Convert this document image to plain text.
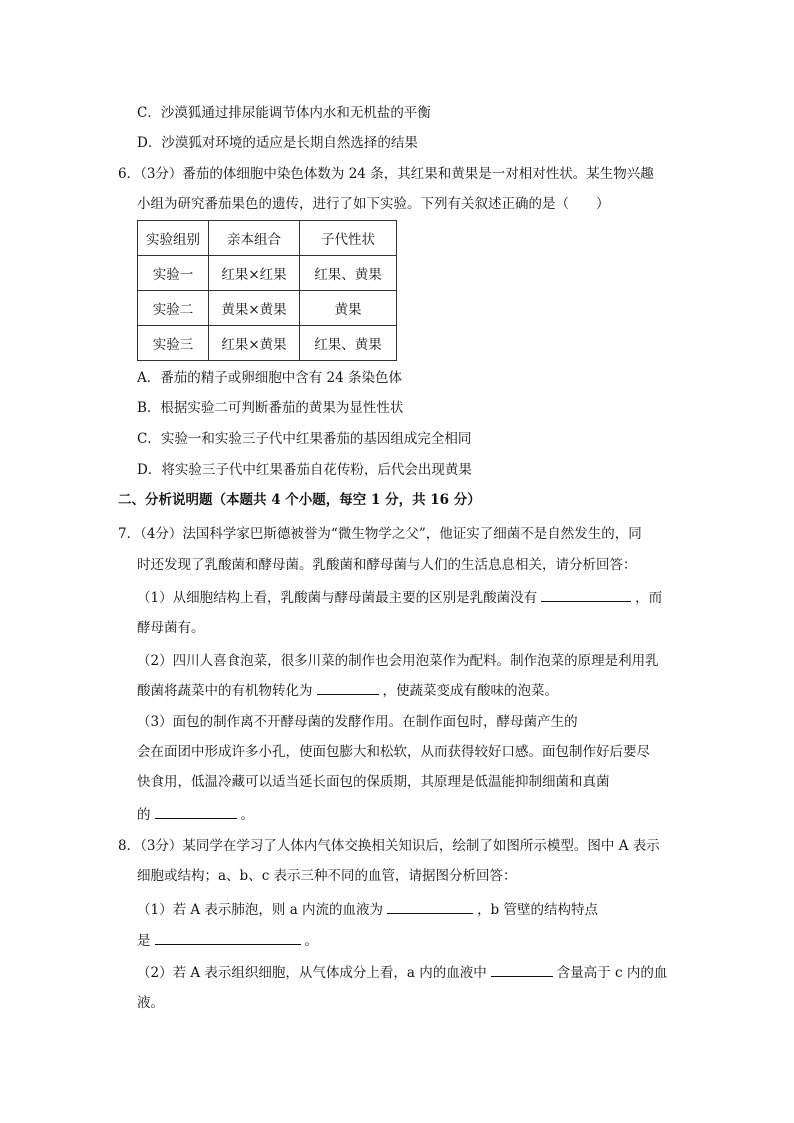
C．沙漠狐通过排尿能调节体内水和无机盐的平衡
D．沙漠狐对环境的适应是长期自然选择的结果
6．（3分）番茄的体细胞中染色体数为 24 条，其红果和黄果是一对相对性状。某生物兴趣
小组为研究番茄果色的遗传，进行了如下实验。下列有关叙述正确的是（　　）
实验组别	亲本组合	子代性状
实验一	红果×红果	红果、黄果
实验二	黄果×黄果	黄果
实验三	红果×黄果	红果、黄果
A．番茄的精子或卵细胞中含有 24 条染色体
B．根据实验二可判断番茄的黄果为显性性状
C．实验一和实验三子代中红果番茄的基因组成完全相同
D．将实验三子代中红果番茄自花传粉，后代会出现黄果
二、分析说明题（本题共 4 个小题，每空 1 分，共 16 分）
7．（4分）法国科学家巴斯德被誉为“微生物学之父”，他证实了细菌不是自然发生的，同
时还发现了乳酸菌和酵母菌。乳酸菌和酵母菌与人们的生活息息相关，请分析回答：
（1）从细胞结构上看，乳酸菌与酵母菌最主要的区别是乳酸菌没有	，而
酵母菌有。
（2）四川人喜食泡菜，很多川菜的制作也会用泡菜作为配料。制作泡菜的原理是利用乳
酸菌将蔬菜中的有机物转化为	，使蔬菜变成有酸味的泡菜。
（3）面包的制作离不开酵母菌的发酵作用。在制作面包时，酵母菌产生的
会在面团中形成许多小孔，使面包膨大和松软，从而获得较好口感。面包制作好后要尽
快食用，低温冷藏可以适当延长面包的保质期，其原理是低温能抑制细菌和真菌
的	。
8．（3分）某同学在学习了人体内气体交换相关知识后，绘制了如图所示模型。图中 A 表示
细胞或结构；a、b、c 表示三种不同的血管，请据图分析回答：
（1）若 A 表示肺泡，则 a 内流的血液为	，b 管壁的结构特点
是	。
（2）若 A 表示组织细胞，从气体成分上看，a 内的血液中	含量高于 c 内的血
液。
